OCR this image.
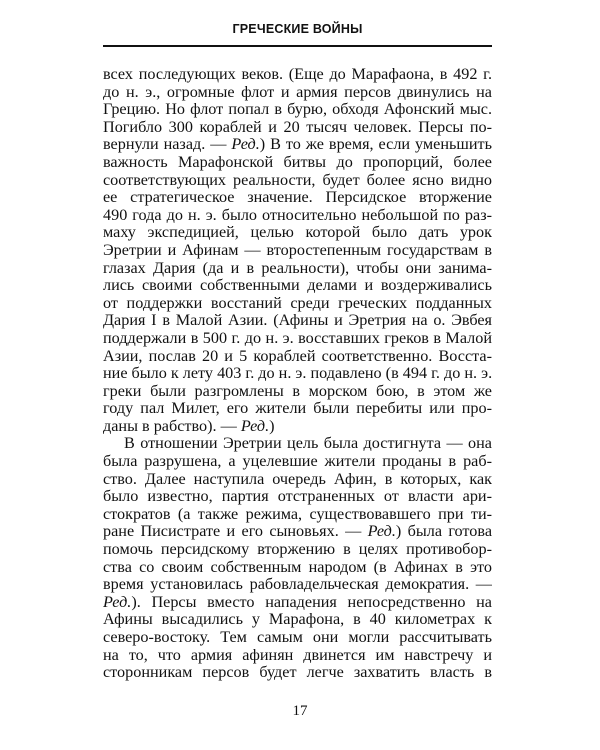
ГРЕЧЕСКИЕ ВОЙНЫ
всех последующих веков. (Еще до Марафаона, в 492 г.
до н. э., огромные флот и армия персов двинулись на
Грецию. Но флот попал в бурю, обходя Афонский мыс.
Погибло 300 кораблей и 20 тысяч человек. Персы по-
вернули назад. — Ред.) В то же время, если уменьшить
важность Марафонской битвы до пропорций, более
соответствующих реальности, будет более ясно видно
ее стратегическое значение. Персидское вторжение
490 года до н. э. было относительно небольшой по раз-
маху экспедицией, целью которой было дать урок
Эретрии и Афинам — второстепенным государствам в
глазах Дария (да и в реальности), чтобы они занима-
лись своими собственными делами и воздерживались
от поддержки восстаний среди греческих подданных
Дария I в Малой Азии. (Афины и Эретрия на о. Эвбея
поддержали в 500 г. до н. э. восставших греков в Малой
Азии, послав 20 и 5 кораблей соответственно. Восста-
ние было к лету 403 г. до н. э. подавлено (в 494 г. до н. э.
греки были разгромлены в морском бою, в этом же
году пал Милет, его жители были перебиты или про-
даны в рабство). — Ред.)
В отношении Эретрии цель была достигнута — она
была разрушена, а уцелевшие жители проданы в раб-
ство. Далее наступила очередь Афин, в которых, как
было известно, партия отстраненных от власти ари-
стократов (а также режима, существовавшего при ти-
ране Писистрате и его сыновьях. — Ред.) была готова
помочь персидскому вторжению в целях противобор-
ства со своим собственным народом (в Афинах в это
время установилась рабовладельческая демократия. —
Ред.). Персы вместо нападения непосредственно на
Афины высадились у Марафона, в 40 километрах к
северо-востоку. Тем самым они могли рассчитывать
на то, что армия афинян двинется им навстречу и
сторонникам персов будет легче захватить власть в
17
